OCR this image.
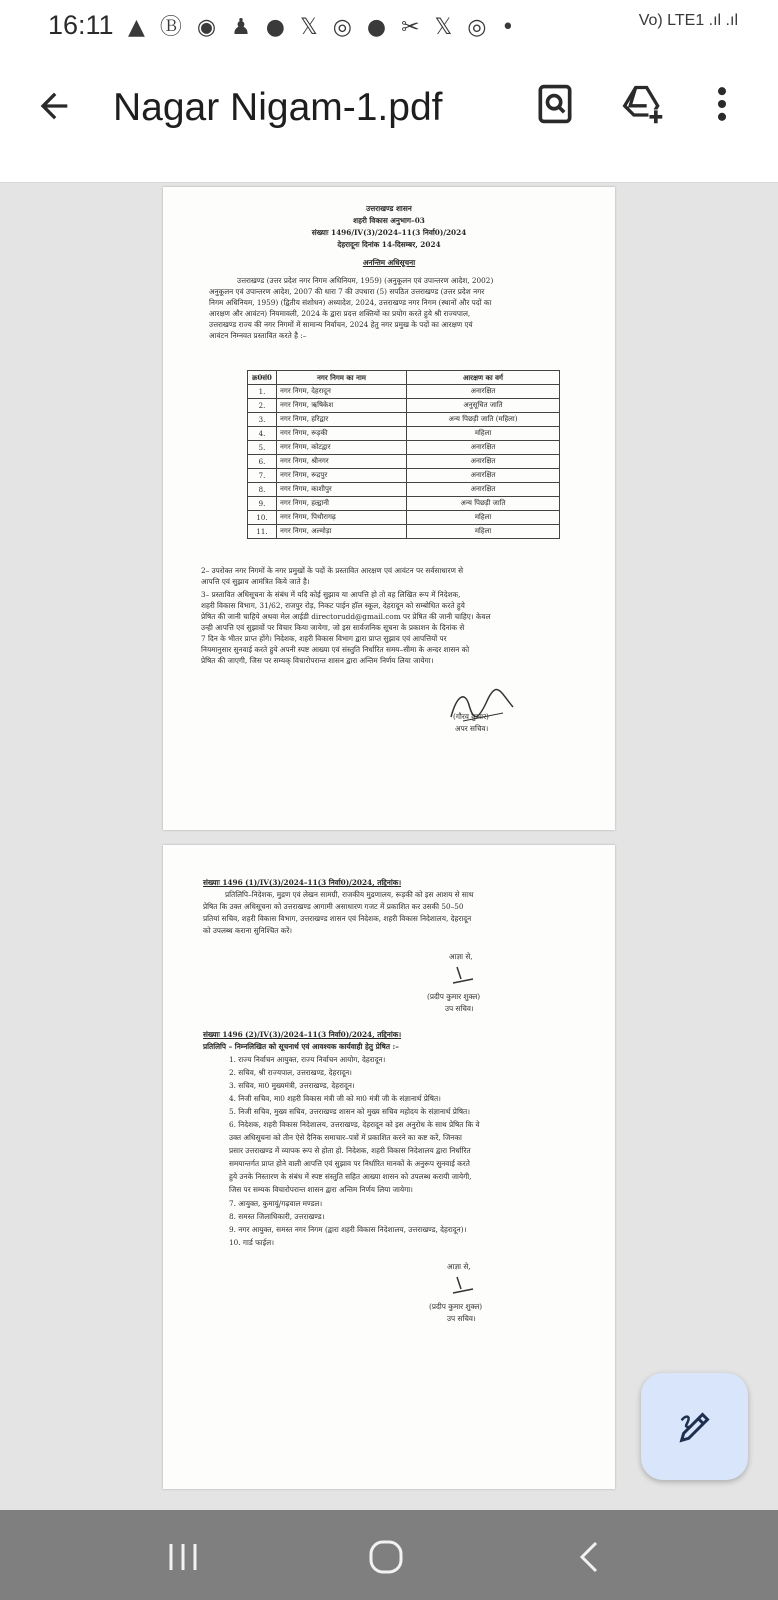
16:11 ▲ Ⓑ ◉ ♟ ● 𝕏 ◎ ● ✂ 𝕏 ◎ •	Vo) LTE1 .ıl .ıl
Nagar Nigam-1.pdf
उत्तराखण्ड शासन
शहरी विकास अनुभाग–03
संख्याः 1496/IV(3)/2024–11(3 निर्वा0)/2024
देहरादूनः दिनांक 14-दिसम्बर, 2024
अनन्तिम अधिसूचना
उत्तराखण्ड (उत्तर प्रदेश नगर निगम अधिनियम, 1959) (अनुकूलन एवं उपान्तरण आदेश, 2002)
अनुकूलन एवं उपान्तरण आदेश, 2007 की धारा 7 की उपधारा (5) सपठित उत्तराखण्ड (उत्तर प्रदेश नगर
निगम अधिनियम, 1959) (द्वितीय संशोधन) अध्यादेश, 2024, उत्तराखण्ड नगर निगम (स्थानों और पदों का
आरक्षण और आवंटन) नियमावली, 2024 के द्वारा प्रदत्त शक्तियों का प्रयोग करते हुये श्री राज्यपाल,
उत्तराखण्ड राज्य की नगर निगमों में सामान्य निर्वाचन, 2024 हेतु नगर प्रमुख के पदों का आरक्षण एवं
आवंटन निम्नवत प्रस्तावित करते है :–
क्र0सं0	नगर निगम का नाम	आरक्षण का वर्ग
1.	नगर निगम, देहरादून	अनारक्षित
2.	नगर निगम, ऋषिकेश	अनुसूचित जाति
3.	नगर निगम, हरिद्वार	अन्य पिछड़ी जाति (महिला)
4.	नगर निगम, रूड़की	महिला
5.	नगर निगम, कोटद्वार	अनारक्षित
6.	नगर निगम, श्रीनगर	अनारक्षित
7.	नगर निगम, रूद्रपुर	अनारक्षित
8.	नगर निगम, काशीपुर	अनारक्षित
9.	नगर निगम, हल्द्वानी	अन्य पिछड़ी जाति
10.	नगर निगम, पिथौरागढ़	महिला
11.	नगर निगम, अल्मोड़ा	महिला
2– उपरोक्त नगर निगमों के नगर प्रमुखों के पदों के प्रस्तावित आरक्षण एवं आवंटन पर सर्वसाधारण से
आपत्ति एवं सुझाव आमंत्रित किये जाते है।
3– प्रस्तावित अधिसूचना के संबंध में यदि कोई सुझाव या आपत्ति हो तो वह लिखित रूप में निदेशक,
शहरी विकास विभाग, 31/62, राजपुर रोड़, निकट पाईन हॉल स्कूल, देहरादून को सम्बोधित करते हुये
प्रेषित की जानी चाहिये अथवा मेल आईडी directorudd@gmail.com पर प्रेषित की जानी चाहिए। केवल
उन्ही आपत्ति एवं सुझावों पर विचार किया जायेगा, जो इस सार्वजनिक सूचना के प्रकाशन के दिनांक से
7 दिन के भीतर प्राप्त होंगे। निदेशक, शहरी विकास विभाग द्वारा प्राप्त सुझाव एवं आपत्तियों पर
नियमानुसार सुनवाई करते हुये अपनी स्पष्ट आख्या एवं संस्तुति निर्धारित समय–सीमा के अन्दर शासन को
प्रेषित की जाएगी, जिस पर सम्यक् विचारोपरान्त शासन द्वारा अन्तिम निर्णय लिया जायेगा।
(गौरव कुमार)
अपर सचिव।
संख्याः 1496 (1)/IV(3)/2024–11(3 निर्वा0)/2024, तद्दिनांक।
प्रतिलिपि–निदेशक, मुद्रण एवं लेखन सामग्री, राजकीय मुद्रणालय, रूड़की को इस आशय से साथ
प्रेषित कि उक्त अधिसूचना को उत्तराखण्ड आगामी असाधारण गजट में प्रकाशित कर उसकी 50–50
प्रतियां सचिव, शहरी विकास विभाग, उत्तराखण्ड शासन एवं निदेशक, शहरी विकास निदेशालय, देहरादून
को उपलब्ध कराना सुनिश्चित करें।
आज्ञा से,
(प्रदीप कुमार शुक्ल)
उप सचिव।
संख्याः 1496 (2)/IV(3)/2024–11(3 निर्वा0)/2024, तद्दिनांक।
प्रतिलिपि – निम्नलिखित को सूचनार्थ एवं आवश्यक कार्यवाही हेतु प्रेषित :–
1. राज्य निर्वाचन आयुक्त, राज्य निर्वाचन आयोग, देहरादून।
2. सचिव, श्री राज्यपाल, उत्तराखण्ड, देहरादून।
3. सचिव, मा0 मुख्यमंत्री, उत्तराखण्ड, देहरादून।
4. निजी सचिव, मा0 शहरी विकास मंत्री जी को मा0 मंत्री जी के संज्ञानार्थ प्रेषित।
5. निजी सचिव, मुख्य सचिव, उत्तराखण्ड शासन को मुख्य सचिव महोदय के संज्ञानार्थ प्रेषित।
6. निदेशक, शहरी विकास निदेशालय, उत्तराखण्ड, देहरादून को इस अनुरोध के साथ प्रेषित कि वे
उक्त अधिसूचना को तीन ऐसे दैनिक समाचार–पत्रों में प्रकाशित करने का कष्ट करें, जिनका
प्रसार उत्तराखण्ड में व्यापक रूप से होता हो. निदेशक, शहरी विकास निदेशालय द्वारा निर्धारित
समयान्तर्गत प्राप्त होने वाली आपत्ति एवं सुझाव पर निर्धारित मानकों के अनुरूप सुनवाई करते
हुये उनके निस्तारण के संबंध में स्पष्ट संस्तुति सहित आख्या शासन को उपलब्ध करायी जायेगी,
जिस पर सम्यक विचारोपरान्त शासन द्वारा अन्तिम निर्णय लिया जायेगा।
7. आयुक्त, कुमायूं/गढ़वाल मण्डल।
8. समस्त जिलाधिकारी, उत्तराखण्ड।
9. नगर आयुक्त, समस्त नगर निगम (द्वारा शहरी विकास निदेशालय, उत्तराखण्ड, देहरादून)।
10. गार्ड फाईल।
आज्ञा से,
(प्रदीप कुमार शुक्ल)
उप सचिव।
